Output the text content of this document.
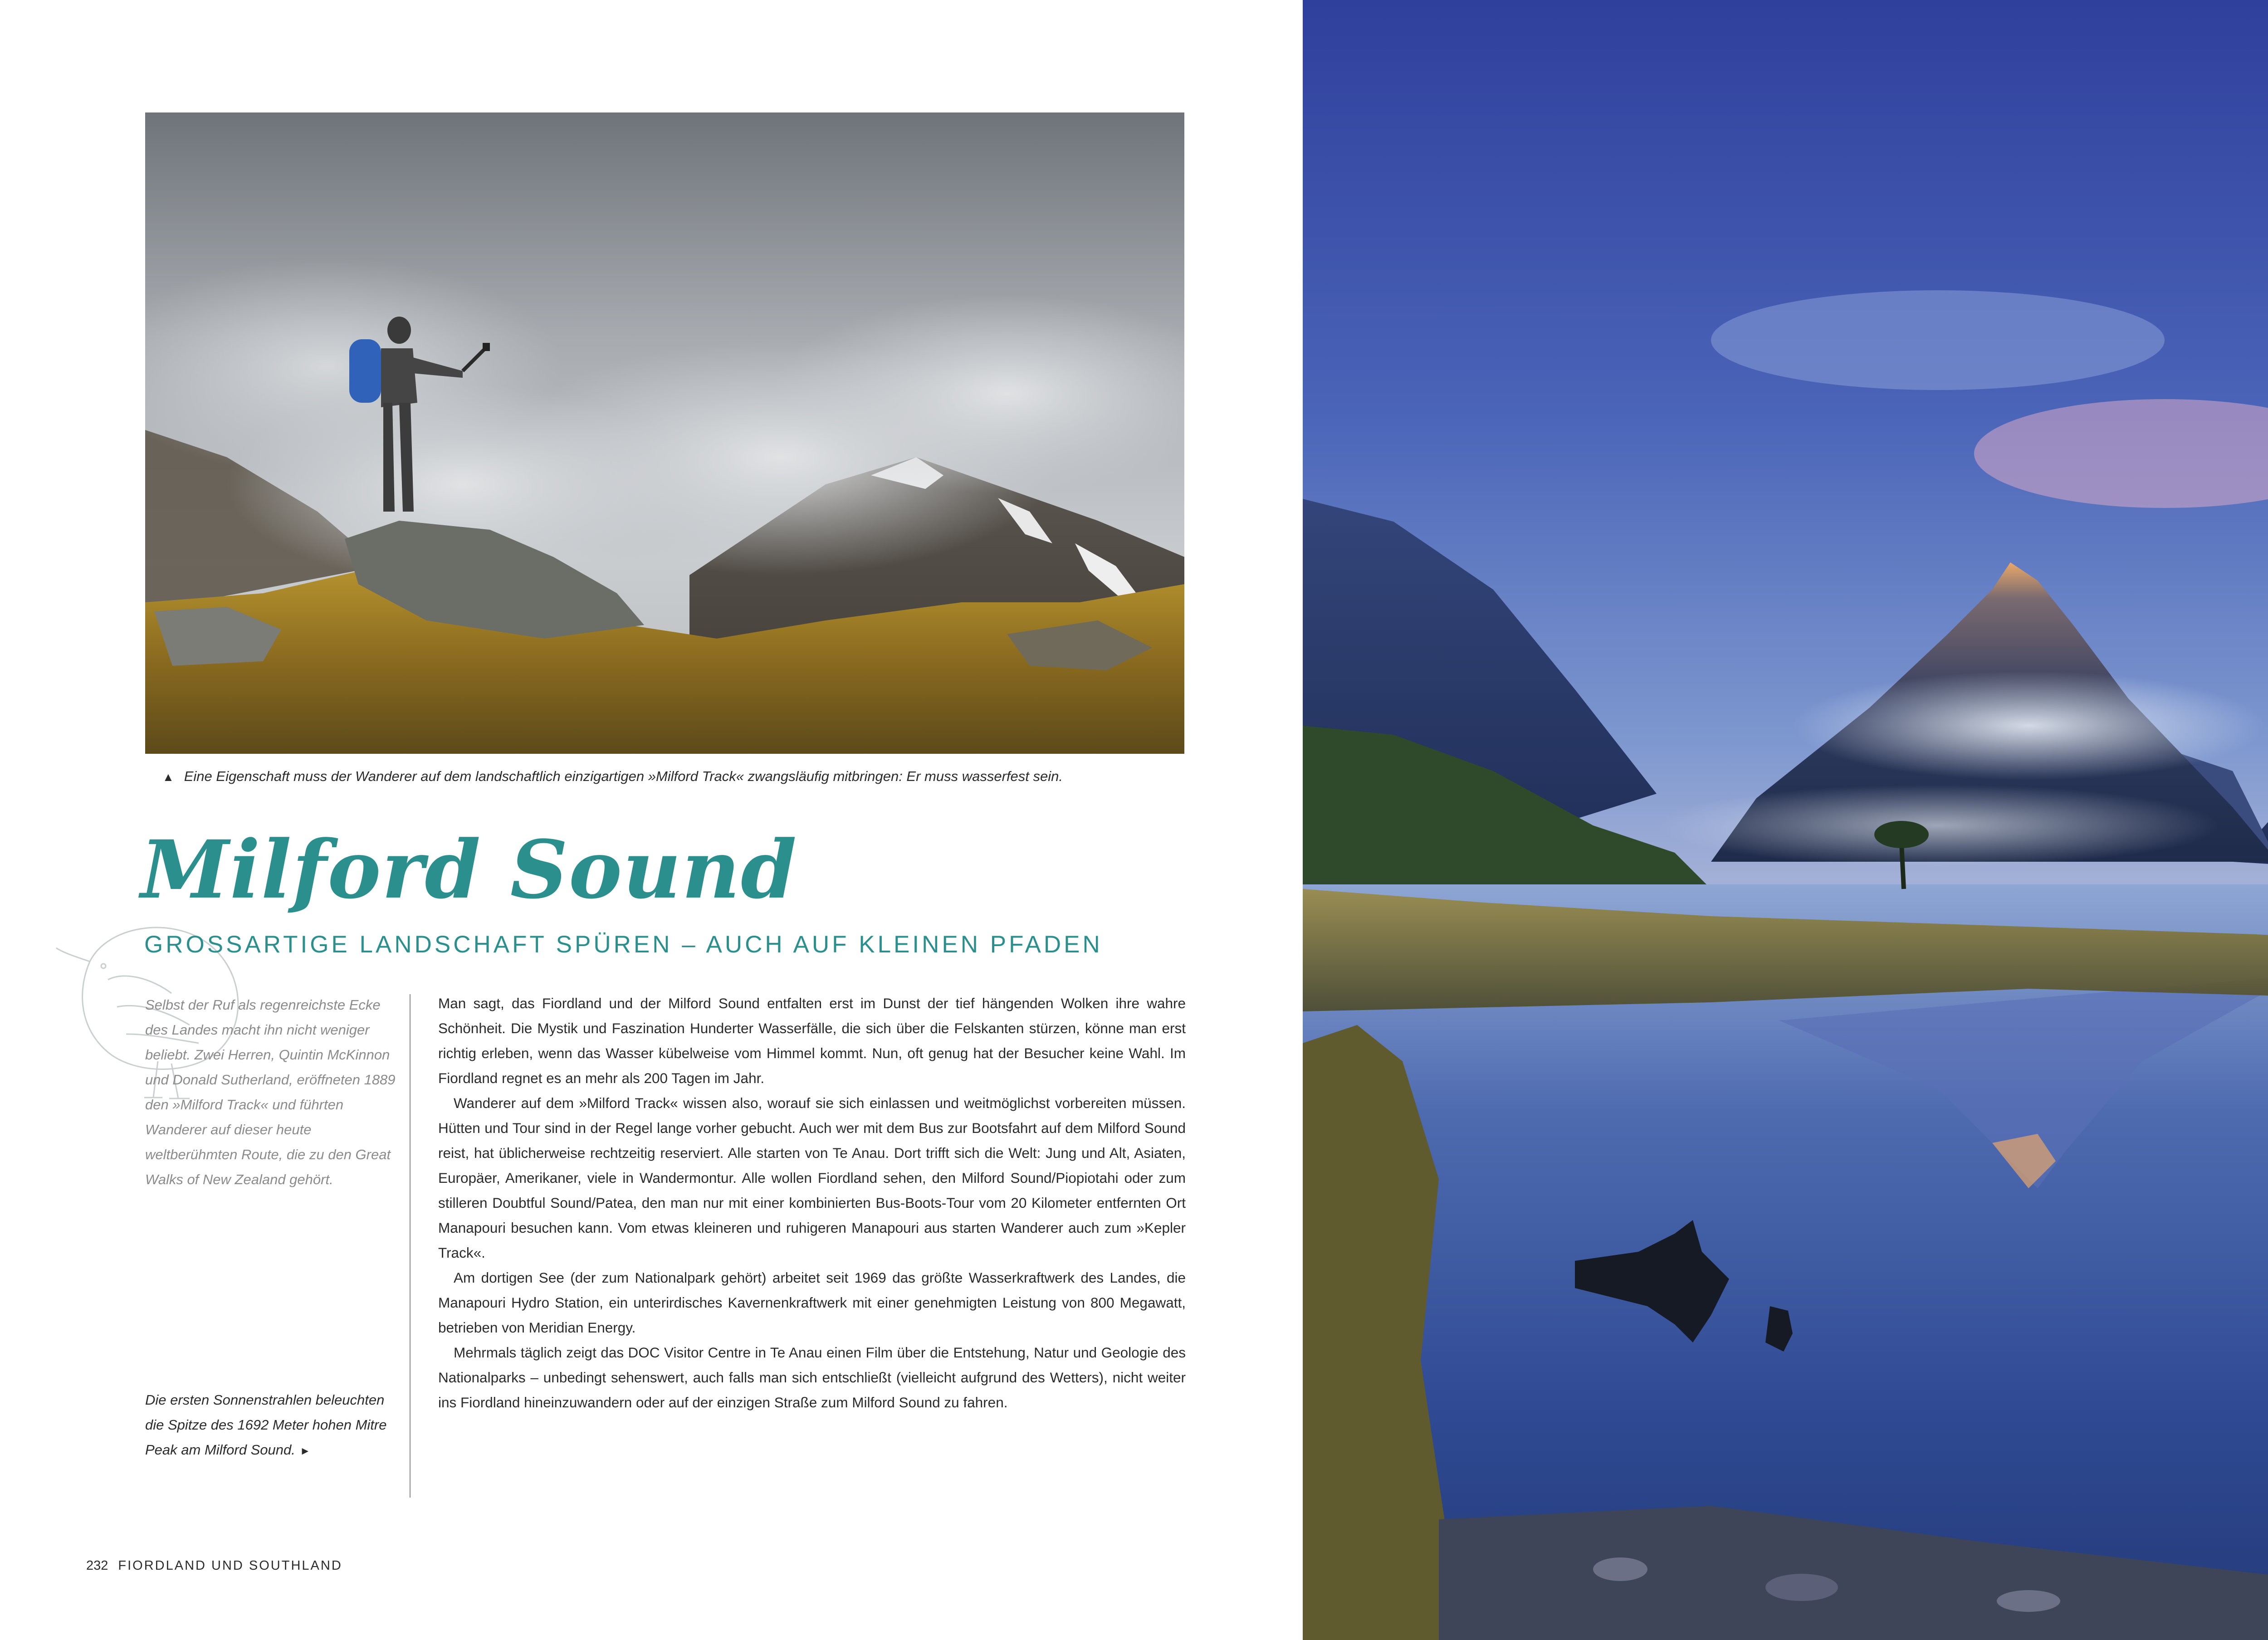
▲ Eine Eigenschaft muss der Wanderer auf dem landschaftlich einzigartigen »Milford Track« zwangsläufig mitbringen: Er muss wasserfest sein.
Milford Sound
GROSSARTIGE LANDSCHAFT SPÜREN – AUCH AUF KLEINEN PFADEN
Selbst der Ruf als regenreichste Ecke des Landes macht ihn nicht weniger beliebt. Zwei Herren, Quintin McKinnon und Donald Sutherland, eröffneten 1889 den »Milford Track« und führten Wanderer auf dieser heute weltberühmten Route, die zu den Great Walks of New Zealand gehört.
Die ersten Sonnenstrahlen beleuchten die Spitze des 1692 Meter hohen Mitre Peak am Milford Sound. ►

Man sagt, das Fiordland und der Milford Sound entfalten erst im Dunst der tief hängenden Wolken ihre wahre Schönheit. Die Mystik und Faszination Hunderter Wasserfälle, die sich über die Felskanten stürzen, könne man erst richtig erleben, wenn das Wasser kübelweise vom Himmel kommt. Nun, oft genug hat der Besucher keine Wahl. Im Fiordland regnet es an mehr als 200 Tagen im Jahr.

Wanderer auf dem »Milford Track« wissen also, worauf sie sich einlassen und weitmöglichst vorbereiten müssen. Hütten und Tour sind in der Regel lange vorher gebucht. Auch wer mit dem Bus zur Bootsfahrt auf dem Milford Sound reist, hat üblicherweise rechtzeitig reserviert. Alle starten von Te Anau. Dort trifft sich die Welt: Jung und Alt, Asiaten, Europäer, Amerikaner, viele in Wandermontur. Alle wollen Fiordland sehen, den Milford Sound/Piopiotahi oder zum stilleren Doubtful Sound/Patea, den man nur mit einer kombinierten Bus-Boots-Tour vom 20 Kilometer entfernten Ort Manapouri besuchen kann. Vom etwas kleineren und ruhigeren Manapouri aus starten Wanderer auch zum »Kepler Track«.

Am dortigen See (der zum Nationalpark gehört) arbeitet seit 1969 das größte Wasserkraftwerk des Landes, die Manapouri Hydro Station, ein unterirdisches Kavernenkraftwerk mit einer genehmigten Leistung von 800 Megawatt, betrieben von Meridian Energy.

Mehrmals täglich zeigt das DOC Visitor Centre in Te Anau einen Film über die Entstehung, Natur und Geologie des Nationalparks – unbedingt sehenswert, auch falls man sich entschließt (vielleicht aufgrund des Wetters), nicht weiter ins Fiordland hineinzuwandern oder auf der einzigen Straße zum Milford Sound zu fahren.

232 FIORDLAND UND SOUTHLAND
